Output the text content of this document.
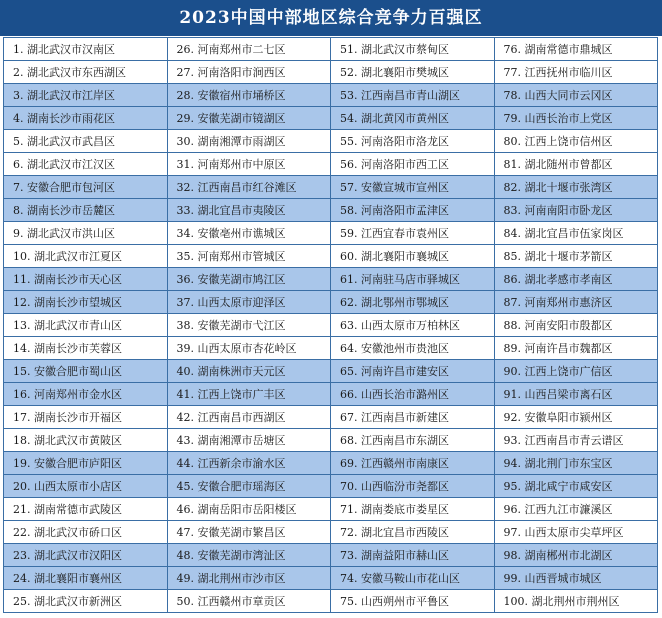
2023中国中部地区综合竞争力百强区
1. 湖北武汉市汉南区	26. 河南郑州市二七区	51. 湖北武汉市蔡甸区	76. 湖南常德市鼎城区
2. 湖北武汉市东西湖区	27. 河南洛阳市涧西区	52. 湖北襄阳市樊城区	77. 江西抚州市临川区
3. 湖北武汉市江岸区	28. 安徽宿州市埇桥区	53. 江西南昌市青山湖区	78. 山西大同市云冈区
4. 湖南长沙市雨花区	29. 安徽芜湖市镜湖区	54. 湖北黄冈市黄州区	79. 山西长治市上党区
5. 湖北武汉市武昌区	30. 湖南湘潭市雨湖区	55. 河南洛阳市洛龙区	80. 江西上饶市信州区
6. 湖北武汉市江汉区	31. 河南郑州市中原区	56. 河南洛阳市西工区	81. 湖北随州市曾都区
7. 安徽合肥市包河区	32. 江西南昌市红谷滩区	57. 安徽宣城市宣州区	82. 湖北十堰市张湾区
8. 湖南长沙市岳麓区	33. 湖北宜昌市夷陵区	58. 河南洛阳市孟津区	83. 河南南阳市卧龙区
9. 湖北武汉市洪山区	34. 安徽亳州市谯城区	59. 江西宜春市袁州区	84. 湖北宜昌市伍家岗区
10. 湖北武汉市江夏区	35. 河南郑州市管城区	60. 湖北襄阳市襄城区	85. 湖北十堰市茅箭区
11. 湖南长沙市天心区	36. 安徽芜湖市鸠江区	61. 河南驻马店市驿城区	86. 湖北孝感市孝南区
12. 湖南长沙市望城区	37. 山西太原市迎泽区	62. 湖北鄂州市鄂城区	87. 河南郑州市惠济区
13. 湖北武汉市青山区	38. 安徽芜湖市弋江区	63. 山西太原市万柏林区	88. 河南安阳市殷都区
14. 湖南长沙市芙蓉区	39. 山西太原市杏花岭区	64. 安徽池州市贵池区	89. 河南许昌市魏都区
15. 安徽合肥市蜀山区	40. 湖南株洲市天元区	65. 河南许昌市建安区	90. 江西上饶市广信区
16. 河南郑州市金水区	41. 江西上饶市广丰区	66. 山西长治市潞州区	91. 山西吕梁市离石区
17. 湖南长沙市开福区	42. 江西南昌市西湖区	67. 江西南昌市新建区	92. 安徽阜阳市颍州区
18. 湖北武汉市黄陂区	43. 湖南湘潭市岳塘区	68. 江西南昌市东湖区	93. 江西南昌市青云谱区
19. 安徽合肥市庐阳区	44. 江西新余市渝水区	69. 江西赣州市南康区	94. 湖北荆门市东宝区
20. 山西太原市小店区	45. 安徽合肥市瑶海区	70. 山西临汾市尧都区	95. 湖北咸宁市咸安区
21. 湖南常德市武陵区	46. 湖南岳阳市岳阳楼区	71. 湖南娄底市娄星区	96. 江西九江市濂溪区
22. 湖北武汉市硚口区	47. 安徽芜湖市繁昌区	72. 湖北宜昌市西陵区	97. 山西太原市尖草坪区
23. 湖北武汉市汉阳区	48. 安徽芜湖市湾沚区	73. 湖南益阳市赫山区	98. 湖南郴州市北湖区
24. 湖北襄阳市襄州区	49. 湖北荆州市沙市区	74. 安徽马鞍山市花山区	99. 山西晋城市城区
25. 湖北武汉市新洲区	50. 江西赣州市章贡区	75. 山西朔州市平鲁区	100. 湖北荆州市荆州区
